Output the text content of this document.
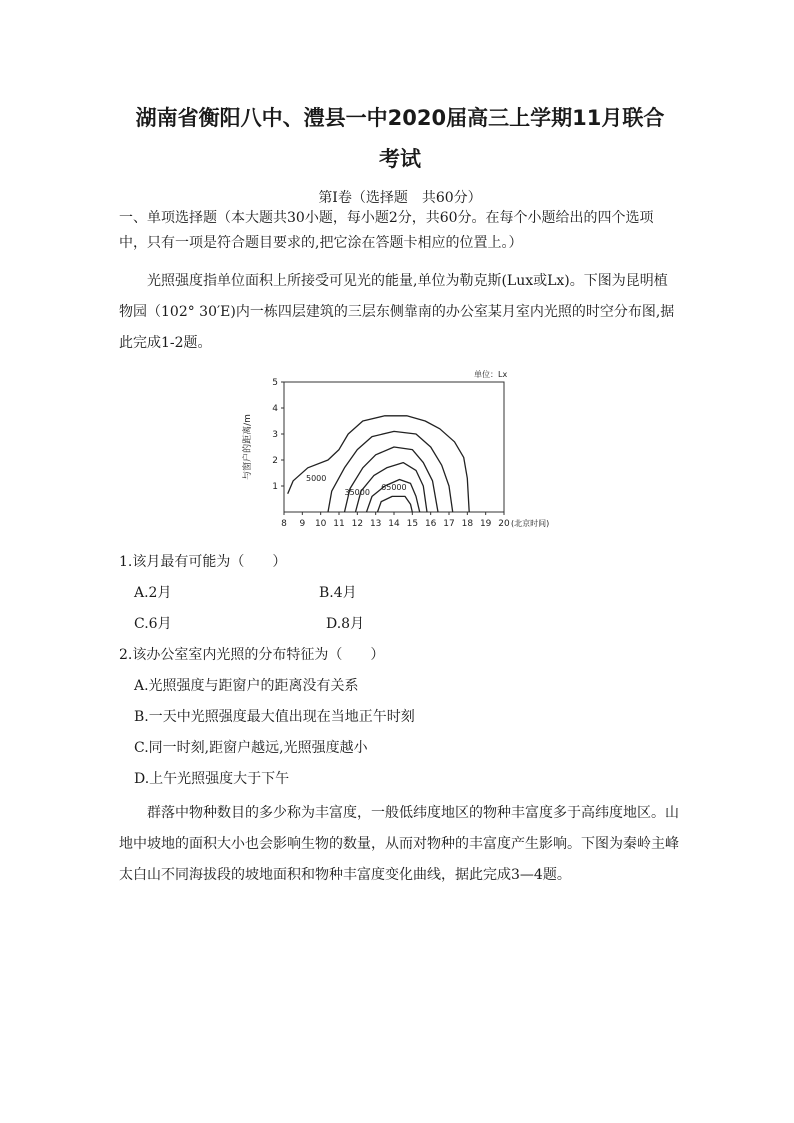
湖南省衡阳八中、澧县一中2020届高三上学期11月联合
考试
第Ⅰ卷（选择题　共60分）

一、单项选择题（本大题共30小题，每小题2分，共60分。在每个小题给出的四个选项中，只有一项是符合题目要求的,把它涂在答题卡相应的位置上。）

光照强度指单位面积上所接受可见光的能量,单位为勒克斯(Lux或Lx)。下图为昆明植物园（102° 30′E)内一栋四层建筑的三层东侧靠南的办公室某月室内光照的时空分布图,据此完成1-2题。

8 9 10 11 12 13 14 15 16 17 18 19 20 (北京时间)
1
2
3
4
5
与窗户的距离/m
单位：Lx
5000
35000
65000
1.该月最有可能为（　　）
A.2月	B.4月
C.6月	D.8月
2.该办公室室内光照的分布特征为（　　）
A.光照强度与距窗户的距离没有关系
B.一天中光照强度最大值出现在当地正午时刻
C.同一时刻,距窗户越远,光照强度越小
D.上午光照强度大于下午

群落中物种数目的多少称为丰富度，一般低纬度地区的物种丰富度多于高纬度地区。山地中坡地的面积大小也会影响生物的数量，从而对物种的丰富度产生影响。下图为秦岭主峰太白山不同海拔段的坡地面积和物种丰富度变化曲线，据此完成3—4题。
